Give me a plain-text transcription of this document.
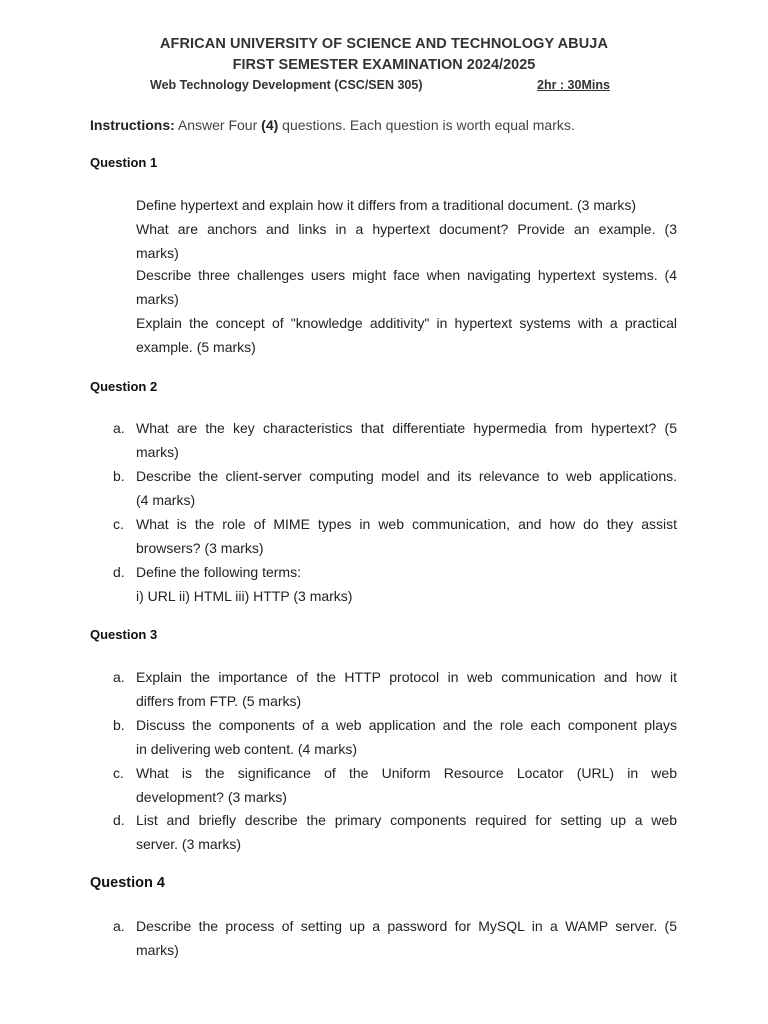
AFRICAN UNIVERSITY OF SCIENCE AND TECHNOLOGY ABUJA
FIRST SEMESTER EXAMINATION 2024/2025
Web Technology Development (CSC/SEN 305)	2hr : 30Mins
Instructions: Answer Four (4) questions. Each question is worth equal marks.
Question 1
Define hypertext and explain how it differs from a traditional document. (3 marks)
What are anchors and links in a hypertext document? Provide an example. (3
marks)
Describe three challenges users might face when navigating hypertext systems. (4
marks)
Explain the concept of "knowledge additivity" in hypertext systems with a practical
example. (5 marks)
Question 2
a. What are the key characteristics that differentiate hypermedia from hypertext? (5
marks)
b. Describe the client-server computing model and its relevance to web applications.
(4 marks)
c. What is the role of MIME types in web communication, and how do they assist
browsers? (3 marks)
d. Define the following terms:
i) URL ii) HTML iii) HTTP (3 marks)
Question 3
a. Explain the importance of the HTTP protocol in web communication and how it
differs from FTP. (5 marks)
b. Discuss the components of a web application and the role each component plays
in delivering web content. (4 marks)
c. What is the significance of the Uniform Resource Locator (URL) in web
development? (3 marks)
d. List and briefly describe the primary components required for setting up a web
server. (3 marks)
Question 4
a. Describe the process of setting up a password for MySQL in a WAMP server. (5
marks)
